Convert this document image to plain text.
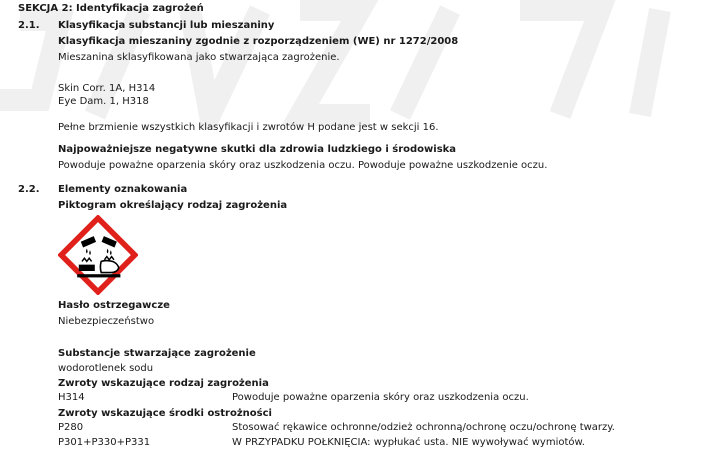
SEKCJA 2: Identyfikacja zagrożeń
2.1. Klasyfikacja substancji lub mieszaniny
Klasyfikacja mieszaniny zgodnie z rozporządzeniem (WE) nr 1272/2008
Mieszanina sklasyfikowana jako stwarzająca zagrożenie.
Skin Corr. 1A, H314
Eye Dam. 1, H318
Pełne brzmienie wszystkich klasyfikacji i zwrotów H podane jest w sekcji 16.
Najpoważniejsze negatywne skutki dla zdrowia ludzkiego i środowiska
Powoduje poważne oparzenia skóry oraz uszkodzenia oczu. Powoduje poważne uszkodzenie oczu.
2.2. Elementy oznakowania
Piktogram określający rodzaj zagrożenia
Hasło ostrzegawcze
Niebezpieczeństwo
Substancje stwarzające zagrożenie
wodorotlenek sodu
Zwroty wskazujące rodzaj zagrożenia
H314	Powoduje poważne oparzenia skóry oraz uszkodzenia oczu.
Zwroty wskazujące środki ostrożności
P280	Stosować rękawice ochronne/odzież ochronną/ochronę oczu/ochronę twarzy.
P301+P330+P331	W PRZYPADKU POŁKNIĘCIA: wypłukać usta. NIE wywoływać wymiotów.
